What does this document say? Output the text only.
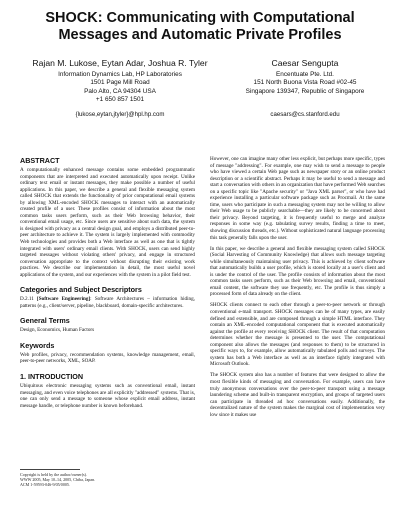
SHOCK: Communicating with Computational Messages and Automatic Private Profiles
Rajan M. Lukose, Eytan Adar, Joshua R. Tyler
Information Dynamics Lab, HP Laboratories
1501 Page Mill Road
Palo Alto, CA 94304 USA
+1 650 857 1501
{lukose,eytan,jtyler}@hpl.hp.com
Caesar Sengupta
Encentuate Pte. Ltd.
151 North Buona Vista Road #02-45
Singapore 139347, Republic of Singapore
caesars@cs.stanford.edu
ABSTRACT

A computationally enhanced message contains some embedded programmatic components that are interpreted and executed automatically upon receipt. Unlike ordinary text email or instant messages, they make possible a number of useful applications. In this paper, we describe a general and flexible messaging system called SHOCK that extends the functionality of prior computational email systems by allowing XML-encoded SHOCK messages to interact with an automatically created profile of a user. These profiles consist of information about the most common tasks users perform, such as their Web browsing behavior, their conventional email usage, etc. Since users are sensitive about such data, the system is designed with privacy as a central design goal, and employs a distributed peer-to-peer architecture to achieve it. The system is largely implemented with commodity Web technologies and provides both a Web interface as well as one that is tightly integrated with users' ordinary email clients. With SHOCK, users can send highly targeted messages without violating others' privacy, and engage in structured conversation appropriate to the context without disrupting their existing work practices. We describe our implementation in detail, the most useful novel applications of the system, and our experiences with the system in a pilot field test.

Categories and Subject Descriptors

D.2.11 [Software Engineering]: Software Architectures – information hiding, patterns (e.g., client/server, pipeline, blackboard, domain-specific architectures.

General Terms

Design, Economics, Human Factors

Keywords

Web profiles, privacy, recommendation systems, knowledge management, email, peer-to-peer networks, XML, SOAP.

1. INTRODUCTION

Ubiquitous electronic messaging systems such as conventional email, instant messaging, and even voice telephones are all explicitly "addressed" systems. That is, one can only send a message to someone whose explicit email address, instant message handle, or telephone number is known beforehand.

Copyright is held by the author/owner(s).
WWW 2005, May 10–14, 2005, Chiba, Japan.
ACM 1-59593-046-9/05/0005.

However, one can imagine many other less explicit, but perhaps more specific, types of message "addressing". For example, one may wish to send a message to people who have viewed a certain Web page such as newspaper story or an online product description or a scientific abstract. Perhaps it may be useful to send a message and start a conversation with others in an organization that have performed Web searches on a specific topic like "Apache security" or "Java XML parser", or who have had experience installing a particular software package such as Procmail. At the same time, users who participate in such a messaging system may not be willing to allow their Web usage to be publicly searchable—they are likely to be concerned about their privacy. Beyond targeting, it is frequently useful to merge and analyze responses in some way (e.g. tabulating survey results, finding a time to meet, showing discussion threads, etc.). Without sophisticated natural language processing this task generally falls upon the user.

In this paper, we describe a general and flexible messaging system called SHOCK (Social Harvesting of Community Knowledge) that allows such message targeting while simultaneously maintaining user privacy. This is achieved by client software that automatically builds a user profile, which is stored locally at a user's client and is under the control of the user. The profile consists of information about the most common tasks users perform, such as their Web browsing and email, conventional email content, the software they use frequently, etc. The profile is thus simply a processed form of data already on the client.

SHOCK clients connect to each other through a peer-to-peer network or through conventional e-mail transport. SHOCK messages can be of many types, are easily defined and extensible, and are composed through a simple HTML interface. They contain an XML-encoded computational component that is executed automatically against the profile at every receiving SHOCK client. The result of that computation determines whether the message is presented to the user. The computational component also allows the messages (and responses to them) to be structured in specific ways to, for example, allow automatically tabulated polls and surveys. The system has both a Web interface as well as an interface tightly integrated with Microsoft Outlook.

The SHOCK system also has a number of features that were designed to allow the most flexible kinds of messaging and conversation. For example, users can have truly anonymous conversations over the peer-to-peer transport using a message laundering scheme and built-in transparent encryption, and groups of targeted users can participate in threaded ad hoc conversations easily. Additionally, the decentralized nature of the system makes the marginal cost of implementation very low since it makes use
